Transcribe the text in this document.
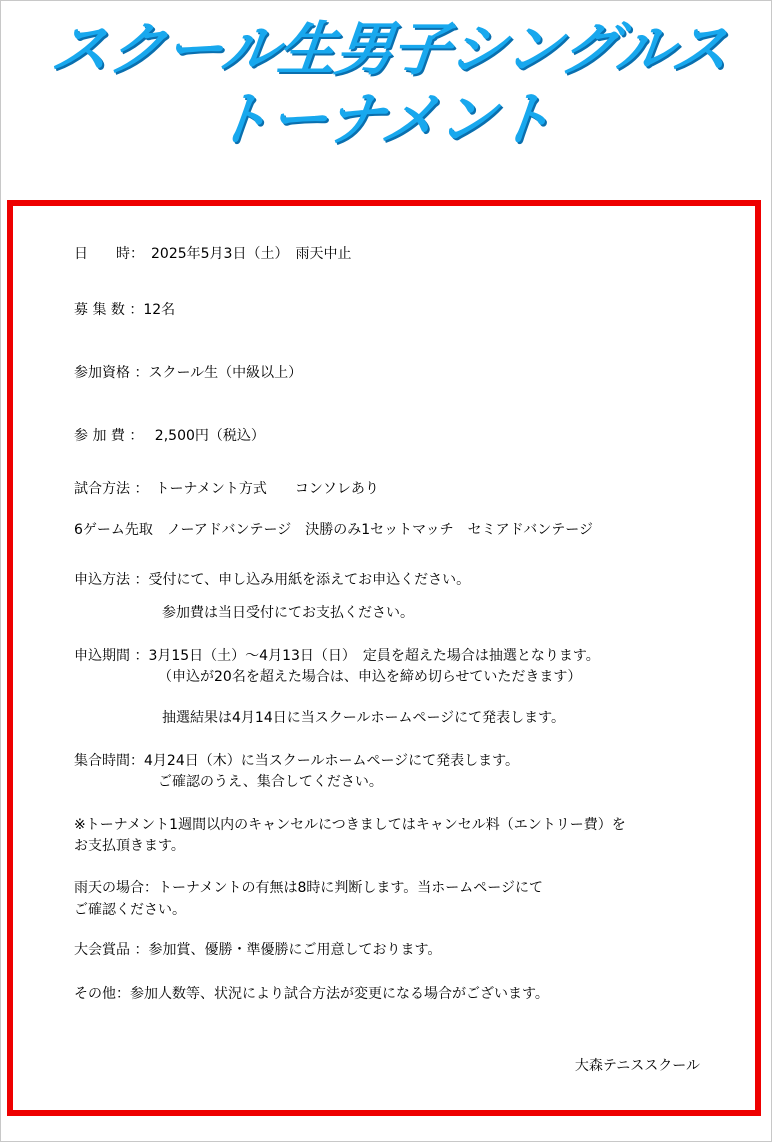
スクール生男子シングルス
トーナメント
日　　時：　2025年5月3日（土）　雨天中止
募 集 数 ：12名
参加資格 ：スクール生（中級以上）
参 加 費 ：　 2,500円（税込）
試合方法 ：　トーナメント方式　　コンソレあり
6ゲーム先取　ノーアドバンテージ　決勝のみ1セットマッチ　セミアドバンテージ
申込方法 ：受付にて、申し込み用紙を添えてお申込ください。
参加費は当日受付にてお支払ください。
申込期間 ：3月15日（土）～4月13日（日）　定員を超えた場合は抽選となります。
（申込が20名を超えた場合は、申込を締め切らせていただきます）
抽選結果は4月14日に当スクールホームページにて発表します。
集合時間：4月24日（木）に当スクールホームページにて発表します。
ご確認のうえ、集合してください。
※トーナメント1週間以内のキャンセルにつきましてはキャンセル料（エントリー費）を
お支払頂きます。
雨天の場合：トーナメントの有無は8時に判断します。当ホームページにて
ご確認ください。
大会賞品 ：参加賞、優勝・準優勝にご用意しております。
その他：参加人数等、状況により試合方法が変更になる場合がございます。
大森テニススクール
